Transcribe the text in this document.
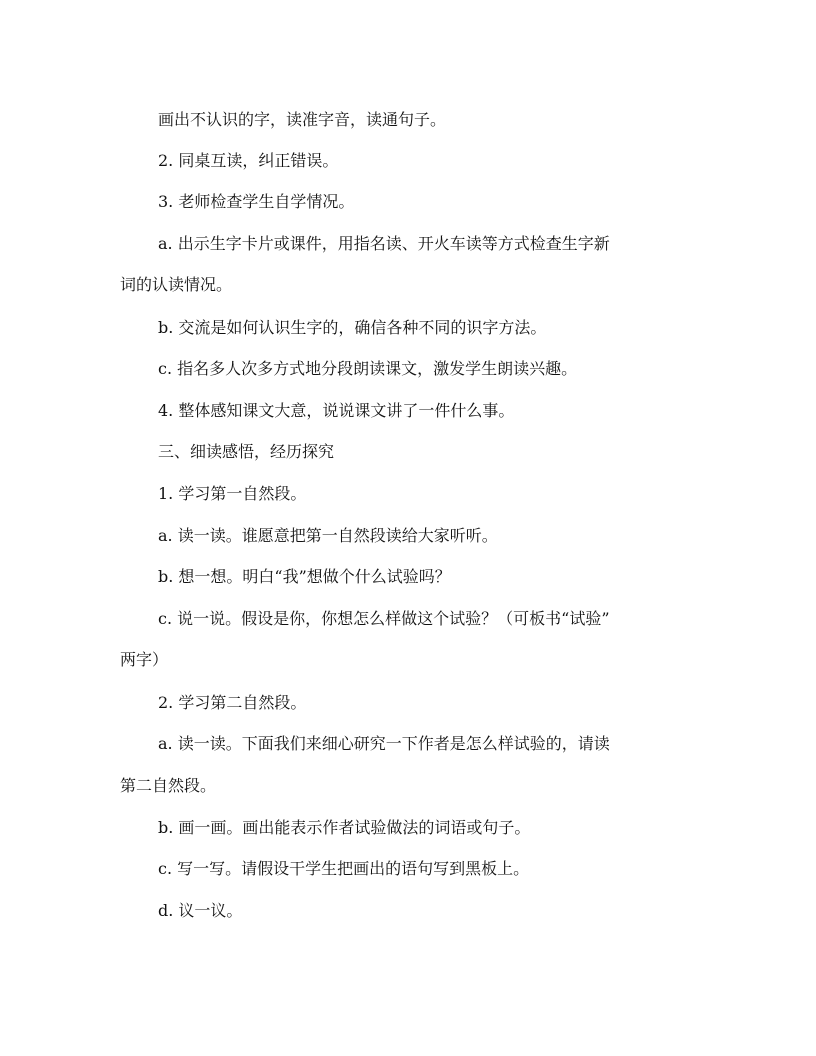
画出不认识的字，读准字音，读通句子。
2. 同桌互读，纠正错误。
3. 老师检查学生自学情况。
a. 出示生字卡片或课件，用指名读、开火车读等方式检查生字新
词的认读情况。
b. 交流是如何认识生字的，确信各种不同的识字方法。
c. 指名多人次多方式地分段朗读课文，激发学生朗读兴趣。
4. 整体感知课文大意，说说课文讲了一件什么事。
三、细读感悟，经历探究
1. 学习第一自然段。
a. 读一读。谁愿意把第一自然段读给大家听听。
b. 想一想。明白“我”想做个什么试验吗？
c. 说一说。假设是你，你想怎么样做这个试验？（可板书“试验”
两字）
2. 学习第二自然段。
a. 读一读。下面我们来细心研究一下作者是怎么样试验的，请读
第二自然段。
b. 画一画。画出能表示作者试验做法的词语或句子。
c. 写一写。请假设干学生把画出的语句写到黑板上。
d. 议一议。
